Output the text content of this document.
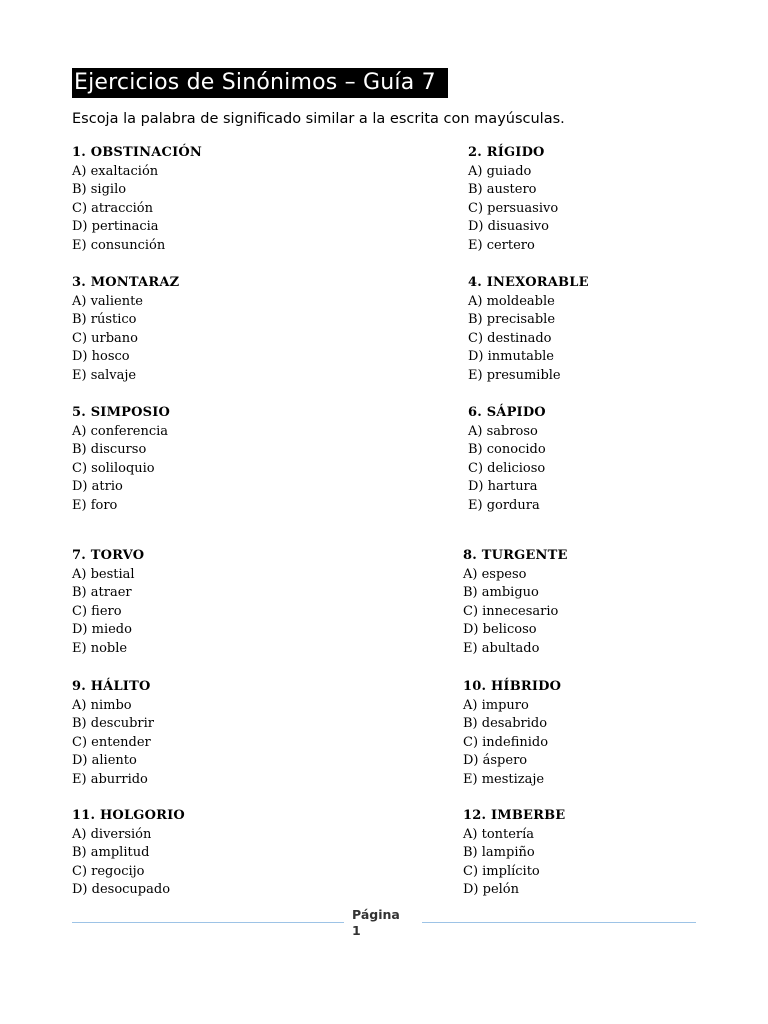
Ejercicios de Sinónimos – Guía 7
Escoja la palabra de significado similar a la escrita con mayúsculas.
1. OBSTINACIÓN
A) exaltación
B) sigilo
C) atracción
D) pertinacia
E) consunción
2. RÍGIDO
A) guiado
B) austero
C) persuasivo
D) disuasivo
E) certero
3. MONTARAZ
A) valiente
B) rústico
C) urbano
D) hosco
E) salvaje
4. INEXORABLE
A) moldeable
B) precisable
C) destinado
D) inmutable
E) presumible
5. SIMPOSIO
A) conferencia
B) discurso
C) soliloquio
D) atrio
E) foro
6. SÁPIDO
A) sabroso
B) conocido
C) delicioso
D) hartura
E) gordura
7. TORVO
A) bestial
B) atraer
C) fiero
D) miedo
E) noble
8. TURGENTE
A) espeso
B) ambiguo
C) innecesario
D) belicoso
E) abultado
9. HÁLITO
A) nimbo
B) descubrir
C) entender
D) aliento
E) aburrido
10. HÍBRIDO
A) impuro
B) desabrido
C) indefinido
D) áspero
E) mestizaje
11. HOLGORIO
A) diversión
B) amplitud
C) regocijo
D) desocupado
12. IMBERBE
A) tontería
B) lampiño
C) implícito
D) pelón
Página
1
